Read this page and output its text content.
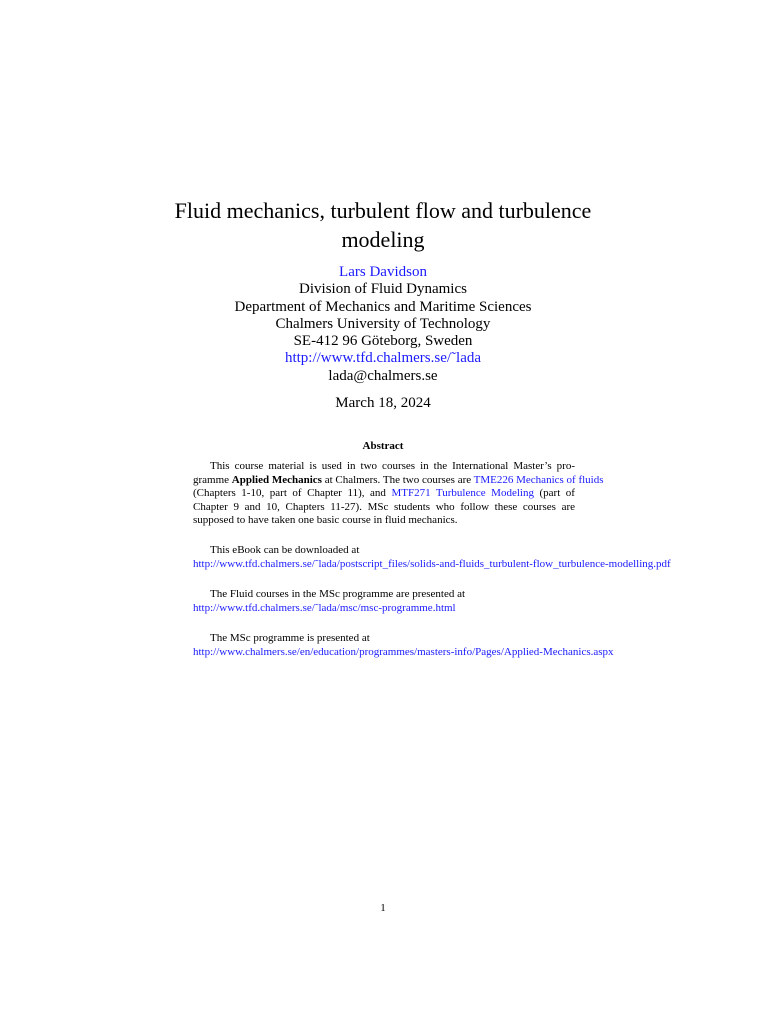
Fluid mechanics, turbulent flow and turbulence
modeling
Lars Davidson
Division of Fluid Dynamics
Department of Mechanics and Maritime Sciences
Chalmers University of Technology
SE-412 96 Göteborg, Sweden
http://www.tfd.chalmers.se/˜lada
lada@chalmers.se
March 18, 2024
Abstract
This course material is used in two courses in the International Master’s pro-
gramme Applied Mechanics at Chalmers. The two courses are TME226 Mechanics of fluids
(Chapters 1-10, part of Chapter 11), and MTF271 Turbulence Modeling (part of
Chapter 9 and 10, Chapters 11-27). MSc students who follow these courses are
supposed to have taken one basic course in fluid mechanics.
This eBook can be downloaded at
http://www.tfd.chalmers.se/˜lada/postscript_files/solids-and-fluids_turbulent-flow_turbulence-modelling.pdf
The Fluid courses in the MSc programme are presented at
http://www.tfd.chalmers.se/˜lada/msc/msc-programme.html
The MSc programme is presented at
http://www.chalmers.se/en/education/programmes/masters-info/Pages/Applied-Mechanics.aspx
1
